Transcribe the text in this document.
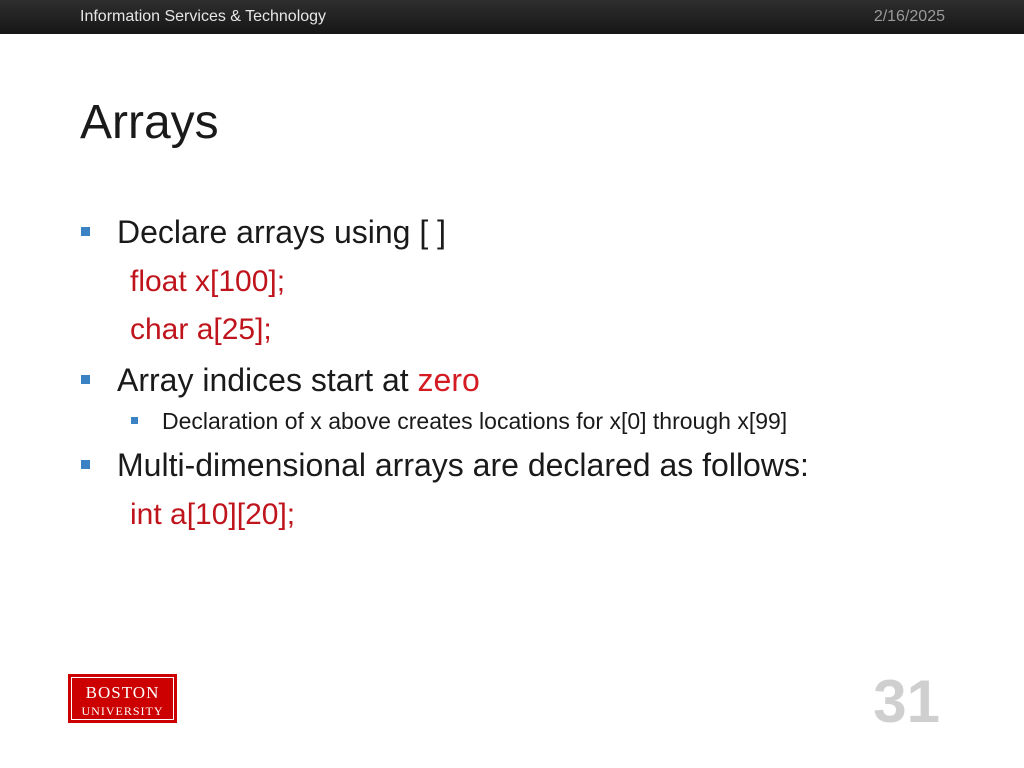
Information Services & Technology	2/16/2025
Arrays
Declare arrays using [ ]
float x[100];
char a[25];
Array indices start at zero
Declaration of x above creates locations for x[0] through x[99]
Multi-dimensional arrays are declared as follows:
int a[10][20];
BOSTON
UNIVERSITY	31
